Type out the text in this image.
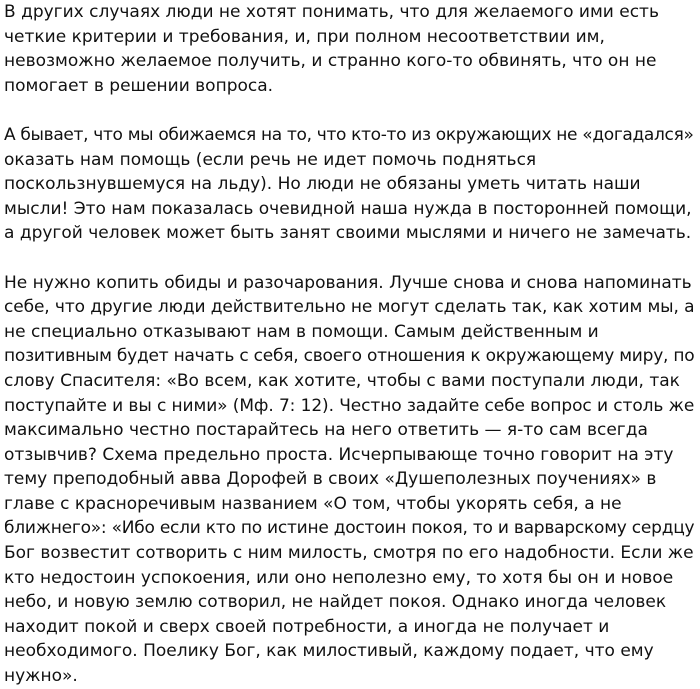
В других случаях люди не хотят понимать, что для желаемого ими есть

четкие критерии и требования, и, при полном несоответствии им,

невозможно желаемое получить, и странно кого-то обвинять, что он не

помогает в решении вопроса.

А бывает, что мы обижаемся на то, что кто-то из окружающих не «догадался»

оказать нам помощь (если речь не идет помочь подняться

поскользнувшемуся на льду). Но люди не обязаны уметь читать наши

мысли! Это нам показалась очевидной наша нужда в посторонней помощи,

а другой человек может быть занят своими мыслями и ничего не замечать.

Не нужно копить обиды и разочарования. Лучше снова и снова напоминать

себе, что другие люди действительно не могут сделать так, как хотим мы, а

не специально отказывают нам в помощи. Самым действенным и

позитивным будет начать с себя, своего отношения к окружающему миру, по

слову Спасителя: «Во всем, как хотите, чтобы с вами поступали люди, так

поступайте и вы с ними» (Мф. 7: 12). Честно задайте себе вопрос и столь же

максимально честно постарайтесь на него ответить — я-то сам всегда

отзывчив? Схема предельно проста. Исчерпывающе точно говорит на эту

тему преподобный авва Дорофей в своих «Душеполезных поучениях» в

главе с красноречивым названием «О том, чтобы укорять себя, а не

ближнего»: «Ибо если кто по истине достоин покоя, то и варварскому сердцу

Бог возвестит сотворить с ним милость, смотря по его надобности. Если же

кто недостоин успокоения, или оно неполезно ему, то хотя бы он и новое

небо, и новую землю сотворил, не найдет покоя. Однако иногда человек

находит покой и сверх своей потребности, а иногда не получает и

необходимого. Поелику Бог, как милостивый, каждому подает, что ему

нужно».
